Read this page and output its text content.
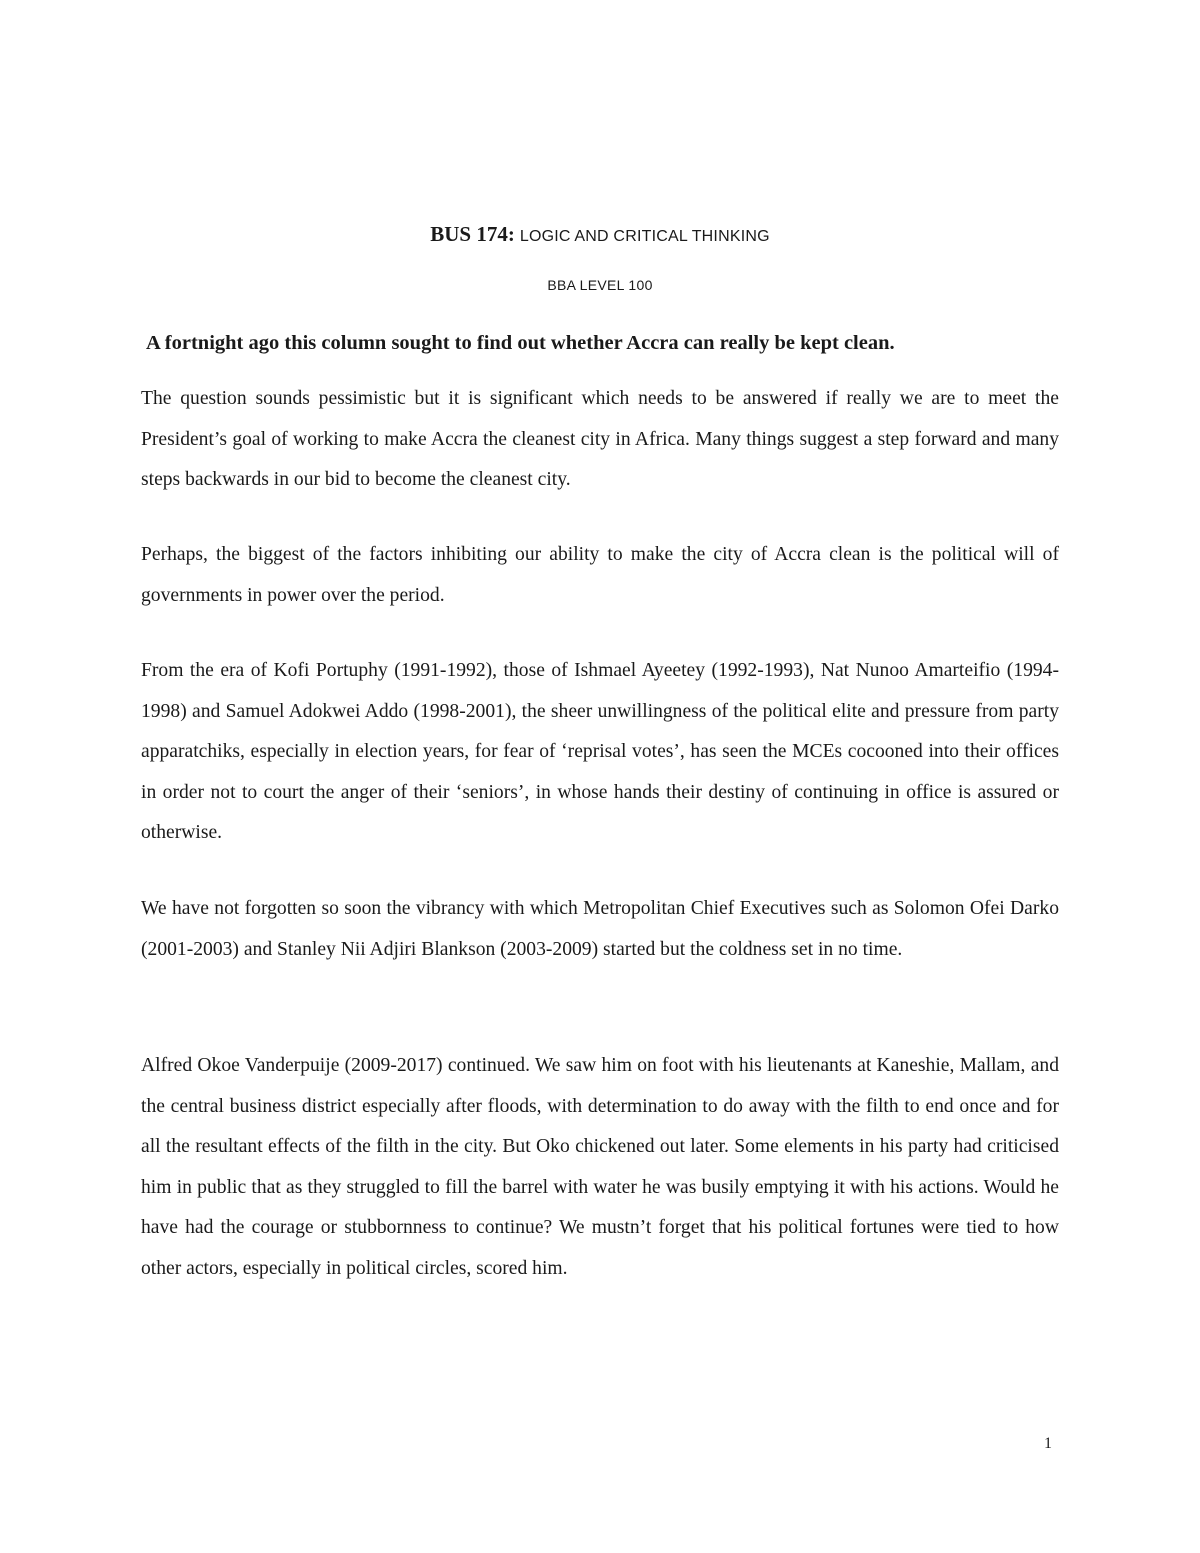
BUS 174: LOGIC AND CRITICAL THINKING
BBA LEVEL 100
A fortnight ago this column sought to find out whether Accra can really be kept clean.

The question sounds pessimistic but it is significant which needs to be answered if really we are to meet the President’s goal of working to make Accra the cleanest city in Africa. Many things suggest a step forward and many steps backwards in our bid to become the cleanest city.

Perhaps, the biggest of the factors inhibiting our ability to make the city of Accra clean is the political will of governments in power over the period.

From the era of Kofi Portuphy (1991-1992), those of Ishmael Ayeetey (1992-1993), Nat Nunoo Amarteifio (1994-1998) and Samuel Adokwei Addo (1998-2001), the sheer unwillingness of the political elite and pressure from party apparatchiks, especially in election years, for fear of ‘reprisal votes’, has seen the MCEs cocooned into their offices in order not to court the anger of their ‘seniors’, in whose hands their destiny of continuing in office is assured or otherwise.

We have not forgotten so soon the vibrancy with which Metropolitan Chief Executives such as Solomon Ofei Darko (2001-2003) and Stanley Nii Adjiri Blankson (2003-2009) started but the coldness set in no time.

Alfred Okoe Vanderpuije (2009-2017) continued. We saw him on foot with his lieutenants at Kaneshie, Mallam, and the central business district especially after floods, with determination to do away with the filth to end once and for all the resultant effects of the filth in the city. But Oko chickened out later. Some elements in his party had criticised him in public that as they struggled to fill the barrel with water he was busily emptying it with his actions. Would he have had the courage or stubbornness to continue? We mustn’t forget that his political fortunes were tied to how other actors, especially in political circles, scored him.

1
